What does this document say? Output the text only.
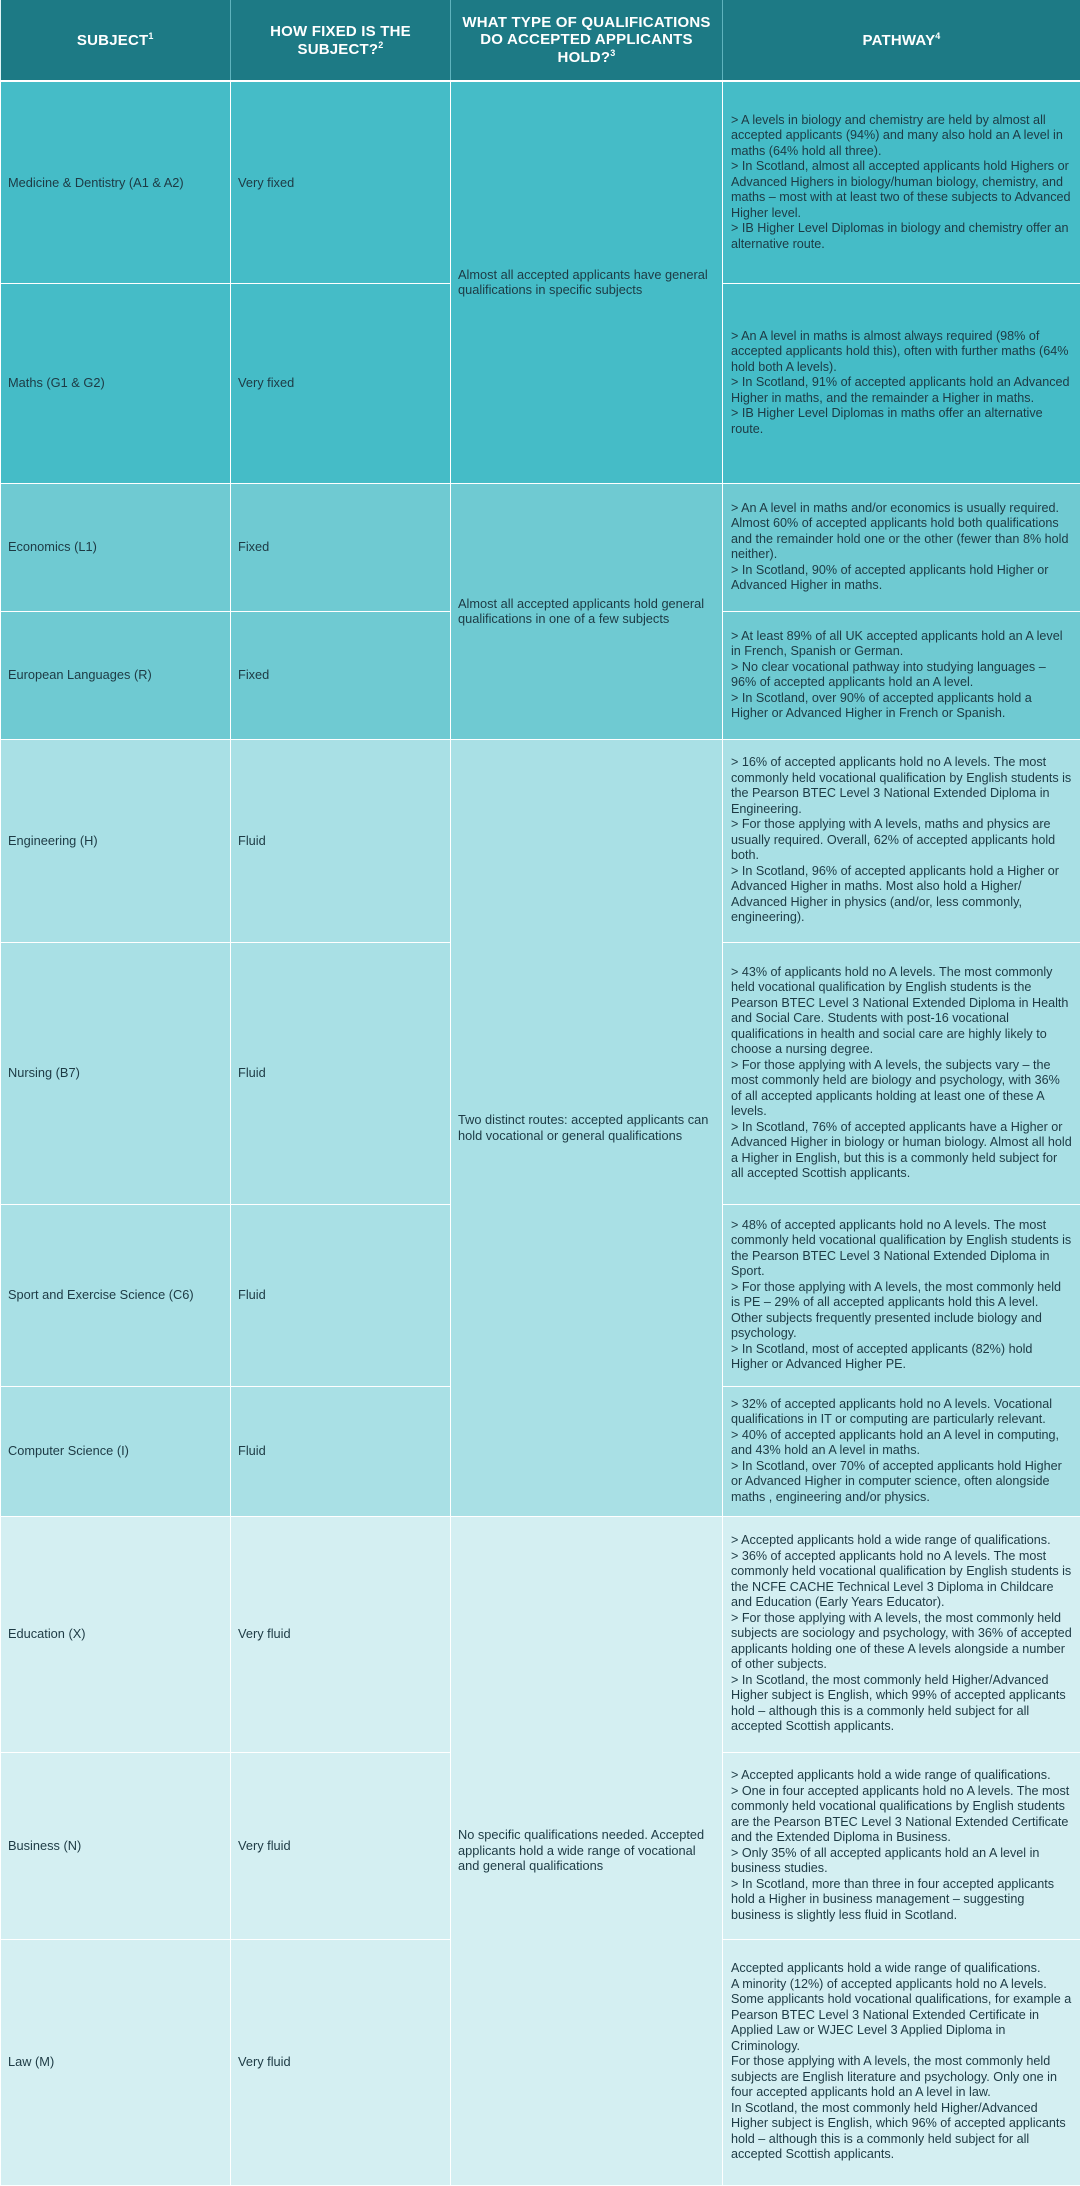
SUBJECT$^1$	HOW FIXED IS THE SUBJECT?$^2$	WHAT TYPE OF QUALIFICATIONS DO ACCEPTED APPLICANTS HOLD?$^3$	PATHWAY$^4$
Medicine & Dentistry (A1 & A2)	Very fixed	Almost all accepted applicants have general qualifications in specific subjects	> A levels in biology and chemistry are held by almost all accepted applicants (94%) and many also hold an A level in maths (64% hold all three).
> In Scotland, almost all accepted applicants hold Highers or Advanced Highers in biology/human biology, chemistry, and maths – most with at least two of these subjects to Advanced Higher level.
> IB Higher Level Diplomas in biology and chemistry offer an alternative route.

Maths (G1 & G2)	Very fixed		> An A level in maths is almost always required (98% of accepted applicants hold this), often with further maths (64% hold both A levels).
> In Scotland, 91% of accepted applicants hold an Advanced Higher in maths, and the remainder a Higher in maths.
> IB Higher Level Diplomas in maths offer an alternative route.

Economics (L1)	Fixed	Almost all accepted applicants hold general qualifications in one of a few subjects	> An A level in maths and/or economics is usually required. Almost 60% of accepted applicants hold both qualifications and the remainder hold one or the other (fewer than 8% hold neither).
> In Scotland, 90% of accepted applicants hold Higher or Advanced Higher in maths.

European Languages (R)	Fixed		> At least 89% of all UK accepted applicants hold an A level in French, Spanish or German.
> No clear vocational pathway into studying languages – 96% of accepted applicants hold an A level.
> In Scotland, over 90% of accepted applicants hold a Higher or Advanced Higher in French or Spanish.

Engineering (H)	Fluid	Two distinct routes: accepted applicants can hold vocational or general qualifications	> 16% of accepted applicants hold no A levels. The most commonly held vocational qualification by English students is the Pearson BTEC Level 3 National Extended Diploma in Engineering.
> For those applying with A levels, maths and physics are usually required. Overall, 62% of accepted applicants hold both.
> In Scotland, 96% of accepted applicants hold a Higher or Advanced Higher in maths. Most also hold a Higher/ Advanced Higher in physics (and/or, less commonly, engineering).

Nursing (B7)	Fluid		> 43% of applicants hold no A levels. The most commonly held vocational qualification by English students is the Pearson BTEC Level 3 National Extended Diploma in Health and Social Care. Students with post-16 vocational qualifications in health and social care are highly likely to choose a nursing degree.
> For those applying with A levels, the subjects vary – the most commonly held are biology and psychology, with 36% of all accepted applicants holding at least one of these A levels.
> In Scotland, 76% of accepted applicants have a Higher or Advanced Higher in biology or human biology. Almost all hold a Higher in English, but this is a commonly held subject for all accepted Scottish applicants.

Sport and Exercise Science (C6)	Fluid		> 48% of accepted applicants hold no A levels. The most commonly held vocational qualification by English students is the Pearson BTEC Level 3 National Extended Diploma in Sport.
> For those applying with A levels, the most commonly held is PE – 29% of all accepted applicants hold this A level. Other subjects frequently presented include biology and psychology.
> In Scotland, most of accepted applicants (82%) hold Higher or Advanced Higher PE.

Computer Science (I)	Fluid		> 32% of accepted applicants hold no A levels. Vocational qualifications in IT or computing are particularly relevant.
> 40% of accepted applicants hold an A level in computing, and 43% hold an A level in maths.
> In Scotland, over 70% of accepted applicants hold Higher or Advanced Higher in computer science, often alongside maths , engineering and/or physics.

Education (X)	Very fluid	No specific qualifications needed. Accepted applicants hold a wide range of vocational and general qualifications	> Accepted applicants hold a wide range of qualifications.
> 36% of accepted applicants hold no A levels. The most commonly held vocational qualification by English students is the NCFE CACHE Technical Level 3 Diploma in Childcare and Education (Early Years Educator).
> For those applying with A levels, the most commonly held subjects are sociology and psychology, with 36% of accepted applicants holding one of these A levels alongside a number of other subjects.
> In Scotland, the most commonly held Higher/Advanced Higher subject is English, which 99% of accepted applicants hold – although this is a commonly held subject for all accepted Scottish applicants.

Business (N)	Very fluid		> Accepted applicants hold a wide range of qualifications.
> One in four accepted applicants hold no A levels. The most commonly held vocational qualifications by English students are the Pearson BTEC Level 3 National Extended Certificate and the Extended Diploma in Business.
> Only 35% of all accepted applicants hold an A level in business studies.
> In Scotland, more than three in four accepted applicants hold a Higher in business management – suggesting business is slightly less fluid in Scotland.

Law (M)	Very fluid		Accepted applicants hold a wide range of qualifications.
A minority (12%) of accepted applicants hold no A levels. Some applicants hold vocational qualifications, for example a Pearson BTEC Level 3 National Extended Certificate in Applied Law or WJEC Level 3 Applied Diploma in Criminology.
For those applying with A levels, the most commonly held subjects are English literature and psychology. Only one in four accepted applicants hold an A level in law.
In Scotland, the most commonly held Higher/Advanced Higher subject is English, which 96% of accepted applicants hold – although this is a commonly held subject for all accepted Scottish applicants.
